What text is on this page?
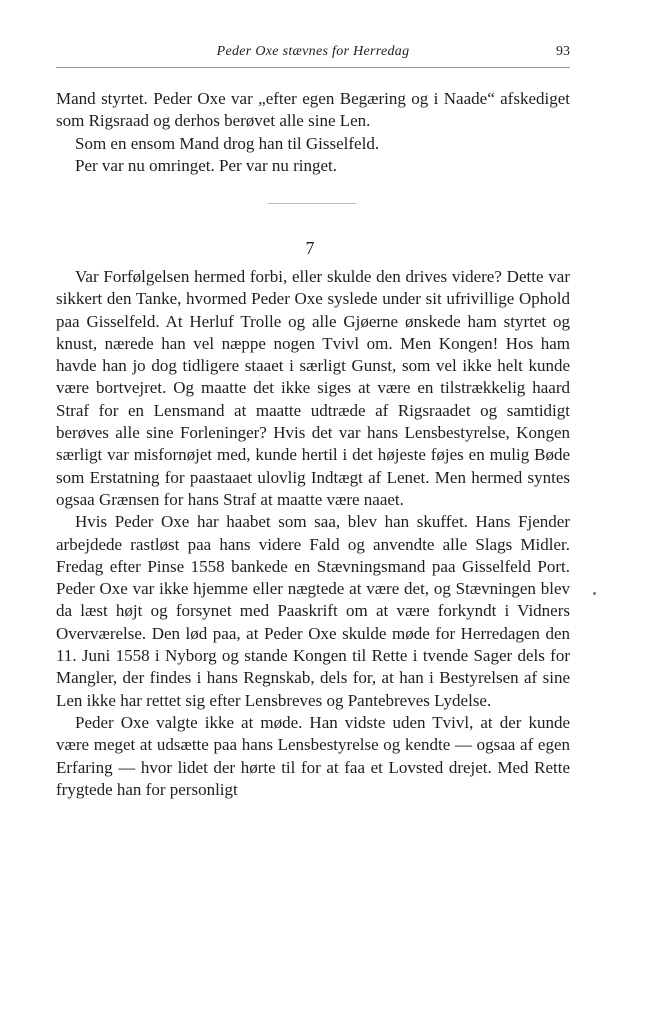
Peder Oxe stævnes for Herredag	93

Mand styrtet. Peder Oxe var „efter egen Begæring og i Naade“ afskediget som Rigsraad og derhos berøvet alle sine Len.

Som en ensom Mand drog han til Gisselfeld.

Per var nu omringet. Per var nu ringet.

7

Var Forfølgelsen hermed forbi, eller skulde den drives videre? Dette var sikkert den Tanke, hvormed Peder Oxe syslede under sit ufrivillige Ophold paa Gisselfeld. At Herluf Trolle og alle Gjøerne ønskede ham styrtet og knust, nærede han vel næppe nogen Tvivl om. Men Kongen! Hos ham havde han jo dog tidligere staaet i særligt Gunst, som vel ikke helt kunde være bortvejret. Og maatte det ikke siges at være en tilstrækkelig haard Straf for en Lensmand at maatte udtræde af Rigsraadet og samtidigt berøves alle sine Forleninger? Hvis det var hans Lensbestyrelse, Kongen særligt var misfornøjet med, kunde hertil i det højeste føjes en mulig Bøde som Erstatning for paastaaet ulovlig Indtægt af Lenet. Men hermed syntes ogsaa Grænsen for hans Straf at maatte være naaet.

Hvis Peder Oxe har haabet som saa, blev han skuffet. Hans Fjender arbejdede rastløst paa hans videre Fald og anvendte alle Slags Midler. Fredag efter Pinse 1558 bankede en Stævningsmand paa Gisselfeld Port. Peder Oxe var ikke hjemme eller nægtede at være det, og Stævningen blev da læst højt og forsynet med Paaskrift om at være forkyndt i Vidners Overværelse. Den lød paa, at Peder Oxe skulde møde for Herredagen den 11. Juni 1558 i Nyborg og stande Kongen til Rette i tvende Sager dels for Mangler, der findes i hans Regnskab, dels for, at han i Bestyrelsen af sine Len ikke har rettet sig efter Lensbreves og Pantebreves Lydelse.

Peder Oxe valgte ikke at møde. Han vidste uden Tvivl, at der kunde være meget at udsætte paa hans Lensbestyrelse og kendte — ogsaa af egen Erfaring — hvor lidet der hørte til for at faa et Lovsted drejet. Med Rette frygtede han for personligt
